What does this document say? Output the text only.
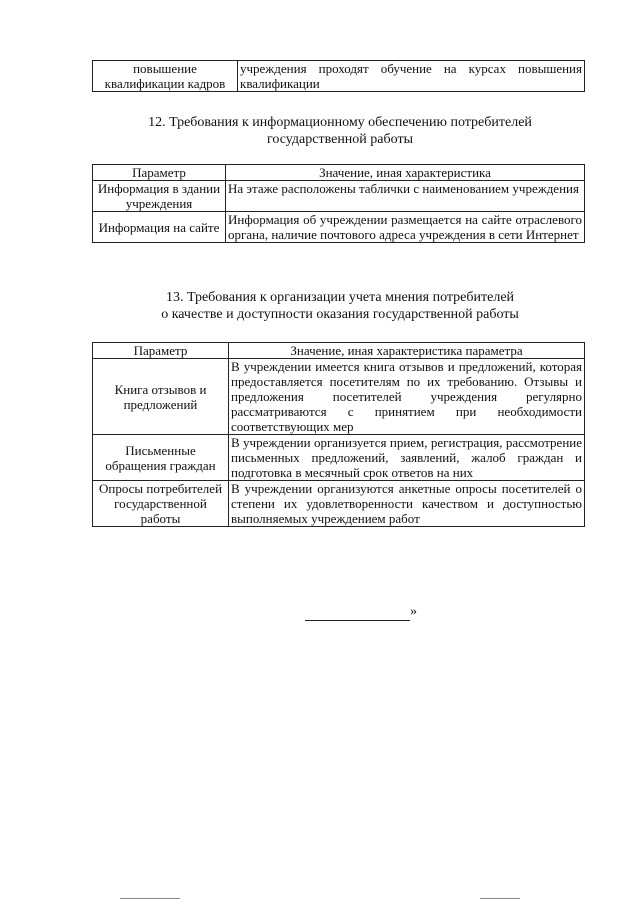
повышение квалификации кадров	учреждения проходят обучение на курсах повышения квалификации
12. Требования к информационному обеспечению потребителей
государственной работы
Параметр	Значение, иная характеристика
Информация в здании учреждения	На этаже расположены таблички с наименованием учреждения
Информация на сайте	Информация об учреждении размещается на сайте отраслевого органа, наличие почтового адреса учреждения в сети Интернет
13. Требования к организации учета мнения потребителей
о качестве и доступности оказания государственной работы
Параметр	Значение, иная характеристика параметра
Книга отзывов и предложений	В учреждении имеется книга отзывов и предложений, которая предоставляется посетителям по их требованию. Отзывы и предложения посетителей учреждения регулярно рассматриваются с принятием при необходимости соответствующих мер
Письменные обращения граждан	В учреждении организуется прием, регистрация, рассмотрение письменных предложений, заявлений, жалоб граждан и подготовка в месячный срок ответов на них
Опросы потребителей государственной работы	В учреждении организуются анкетные опросы посетителей о степени их удовлетворенности качеством и доступностью выполняемых учреждением работ
»
